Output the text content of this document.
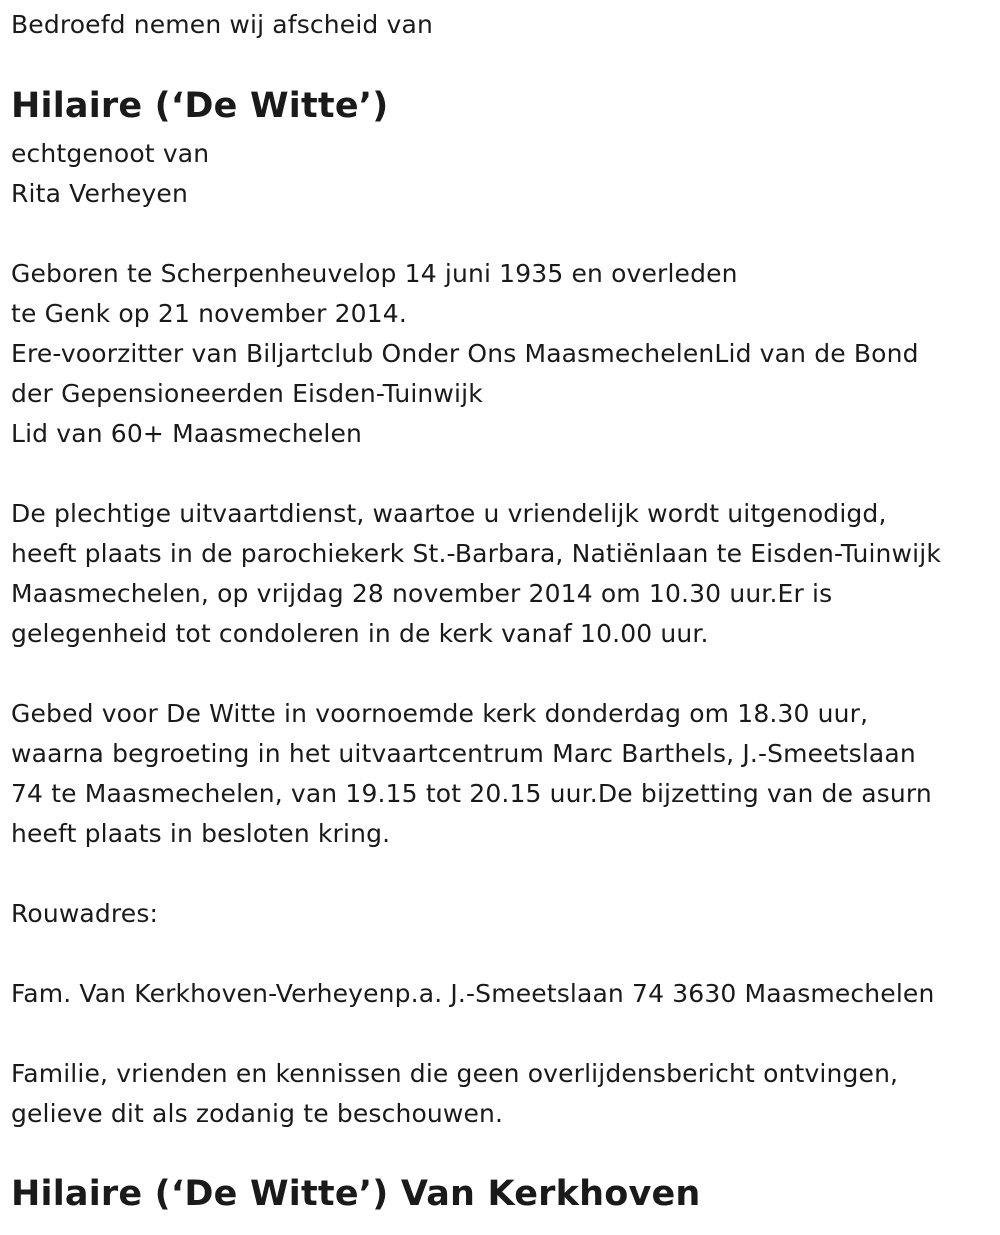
Bedroefd nemen wij afscheid van
Hilaire (‘De Witte’)
echtgenoot van
Rita Verheyen
Geboren te Scherpenheuvelop 14 juni 1935 en overleden
te Genk op 21 november 2014.
Ere-voorzitter van Biljartclub Onder Ons MaasmechelenLid van de Bond
der Gepensioneerden Eisden-Tuinwijk
Lid van 60+ Maasmechelen
De plechtige uitvaartdienst, waartoe u vriendelijk wordt uitgenodigd,
heeft plaats in de parochiekerk St.-Barbara, Natiënlaan te Eisden-Tuinwijk
Maasmechelen, op vrijdag 28 november 2014 om 10.30 uur.Er is
gelegenheid tot condoleren in de kerk vanaf 10.00 uur.
Gebed voor De Witte in voornoemde kerk donderdag om 18.30 uur,
waarna begroeting in het uitvaartcentrum Marc Barthels, J.-Smeetslaan
74 te Maasmechelen, van 19.15 tot 20.15 uur.De bijzetting van de asurn
heeft plaats in besloten kring.
Rouwadres:
Fam. Van Kerkhoven-Verheyenp.a. J.-Smeetslaan 74 3630 Maasmechelen
Familie, vrienden en kennissen die geen overlijdensbericht ontvingen,
gelieve dit als zodanig te beschouwen.
Hilaire (‘De Witte’) Van Kerkhoven
